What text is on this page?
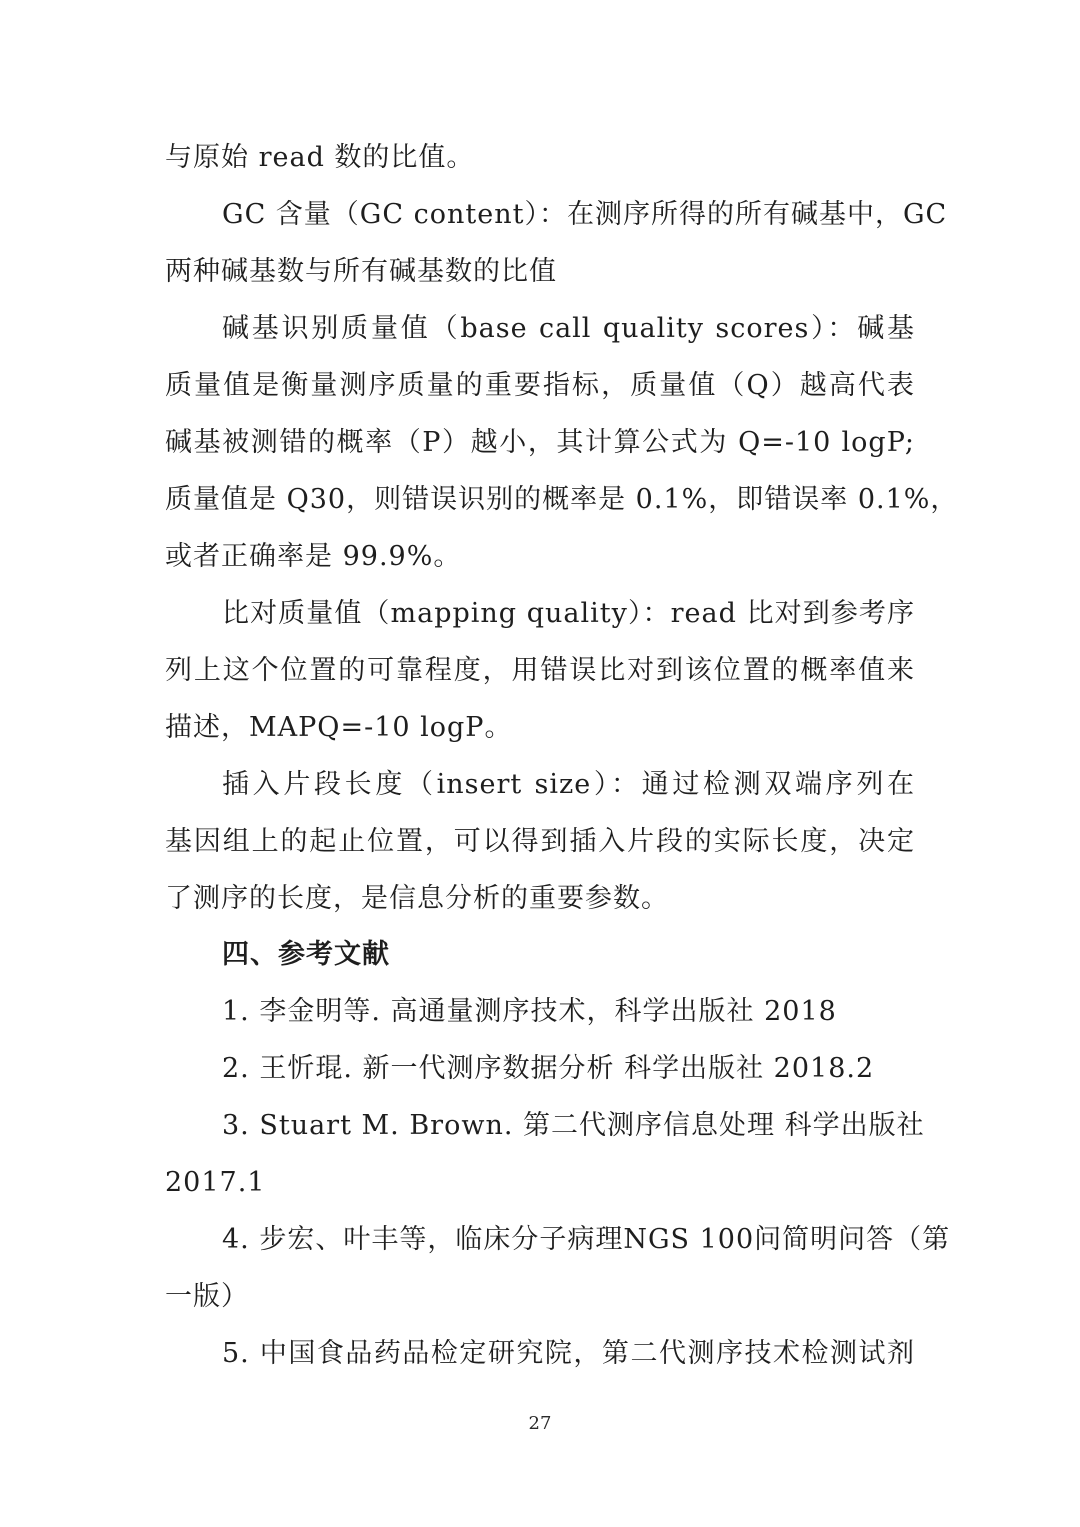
与原始 read 数的比值。
GC 含量（GC content）：在测序所得的所有碱基中，GC
两种碱基数与所有碱基数的比值
碱基识别质量值（base call quality scores）：碱基
质量值是衡量测序质量的重要指标，质量值（Q）越高代表
碱基被测错的概率（P）越小，其计算公式为 Q=-10 logP;
质量值是 Q30，则错误识别的概率是 0.1%，即错误率 0.1%，
或者正确率是 99.9%。
比对质量值（mapping quality）：read 比对到参考序
列上这个位置的可靠程度，用错误比对到该位置的概率值来
描述，MAPQ=-10 logP。
插入片段长度（insert size）：通过检测双端序列在
基因组上的起止位置，可以得到插入片段的实际长度，决定
了测序的长度，是信息分析的重要参数。
四、参考文献
1. 李金明等. 高通量测序技术，科学出版社 2018
2. 王忻琨. 新一代测序数据分析 科学出版社 2018.2
3. Stuart M. Brown. 第二代测序信息处理 科学出版社
2017.1
4. 步宏、叶丰等，临床分子病理NGS 100问简明问答（第
一版）
5. 中国食品药品检定研究院，第二代测序技术检测试剂
27
